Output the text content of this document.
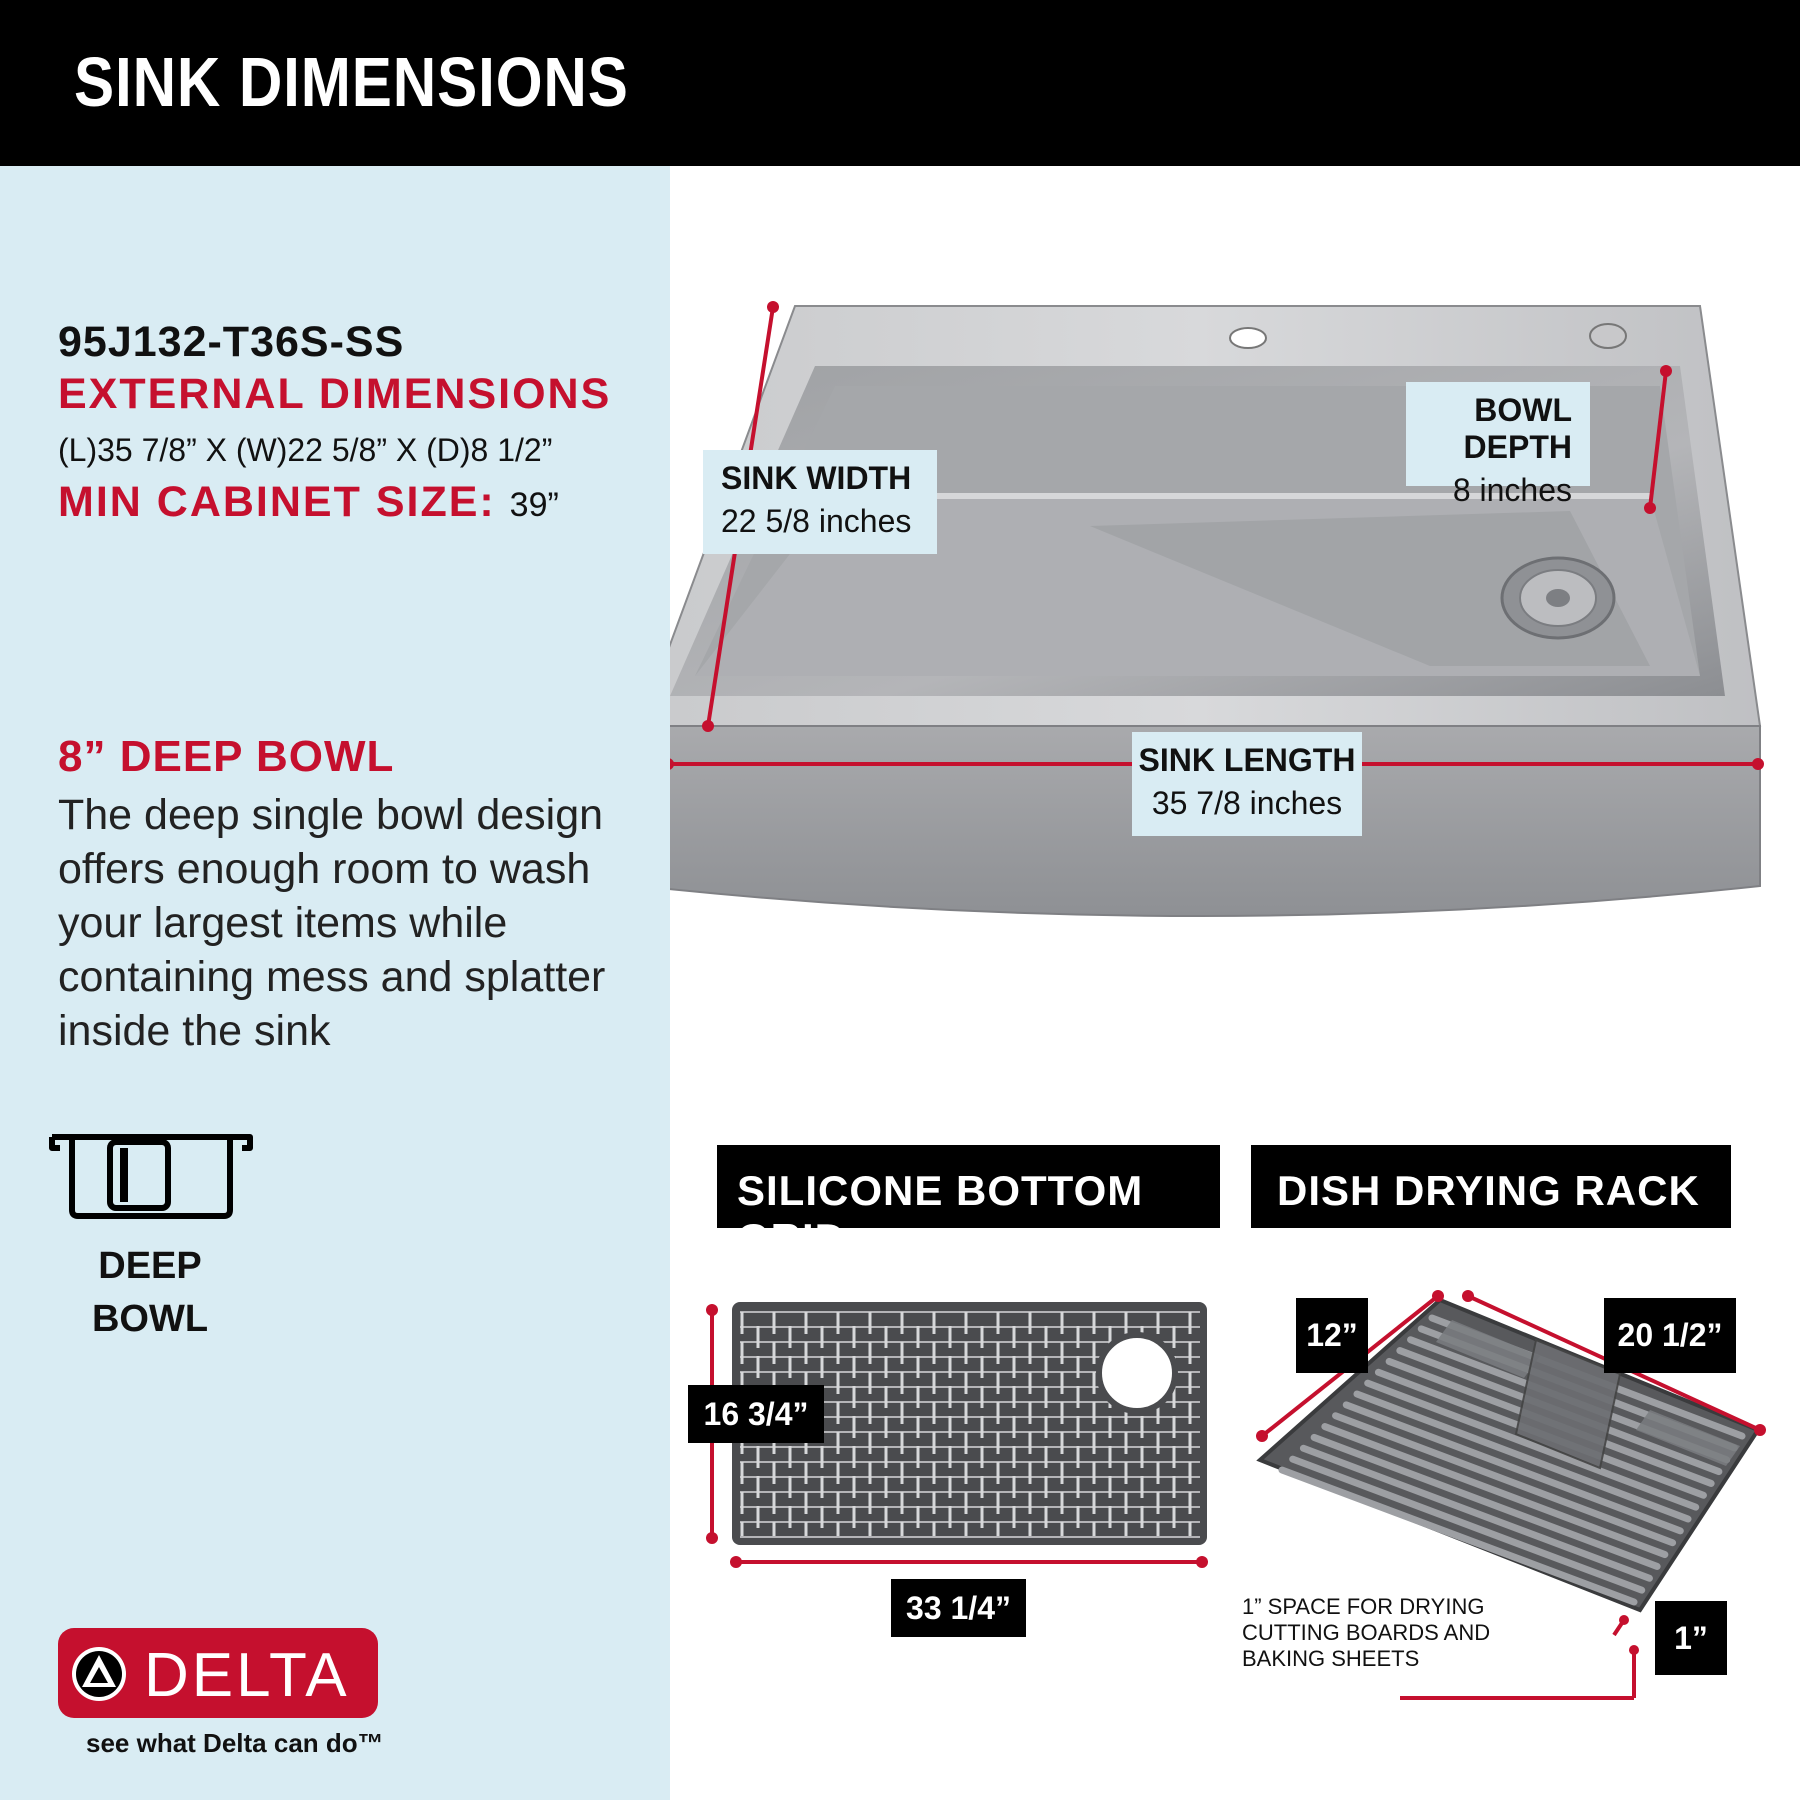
SINK DIMENSIONS
95J132-T36S-SS
EXTERNAL DIMENSIONS
(L)35 7/8” X (W)22 5/8” X (D)8 1/2”
MIN CABINET SIZE: 39”
8” DEEP BOWL
The deep single bowl design offers enough room to wash your largest items while containing mess and splatter inside the sink
DEEP
BOWL
DELTA
see what Delta can do™
SINK WIDTH
22 5/8 inches
BOWL DEPTH
8 inches
SINK LENGTH
35 7/8 inches
SILICONE BOTTOM GRID
DISH DRYING RACK
16 3/4”
33 1/4”
12”	20 1/2”
1”
1” SPACE FOR DRYING CUTTING BOARDS AND BAKING SHEETS
